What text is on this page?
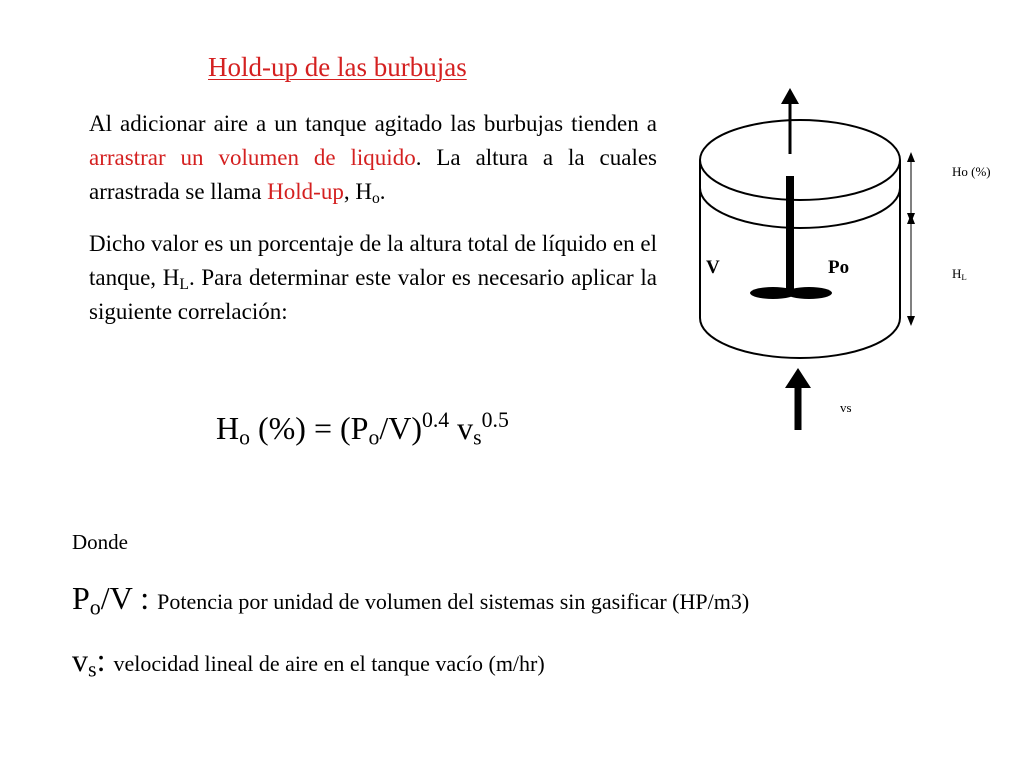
Hold-up de las burbujas
Al adicionar aire a un tanque agitado las burbujas tienden a arrastrar un volumen de liquido. La altura a la cuales arrastrada se llama Hold-up, $H_o$.
Dicho valor es un porcentaje de la altura total de líquido en el tanque, $H_L$. Para determinar este valor es necesario aplicar la siguiente correlación:
$H_o$ (%) = $(P_o/V)^{0.4}$ $v_s^{0.5}$
Donde
$P_o/V$ : Potencia por unidad de volumen del sistemas sin gasificar (HP/m3)
$v_s$: velocidad lineal de aire en el tanque vacío (m/hr)
V	Po
Ho (%)
$H_L$
vs
